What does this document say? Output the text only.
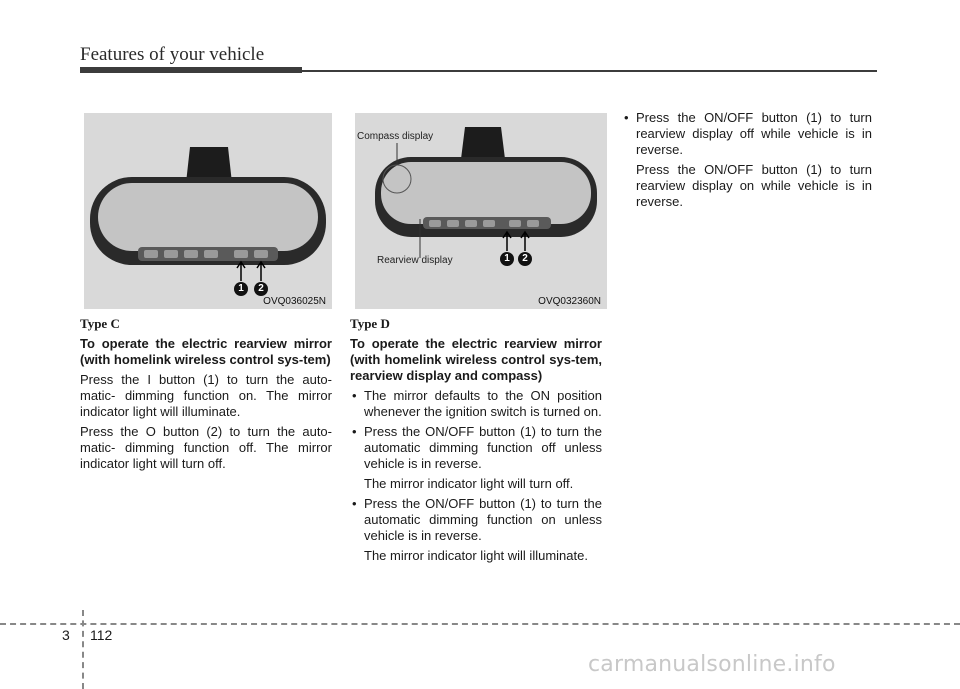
Features of your vehicle
1	2
OVQ036025N
Compass display
Rearview display	1	2
OVQ032360N
Type C
To operate the electric rearview mirror (with homelink wireless control sys-tem)

Press the I button (1) to turn the auto-matic- dimming function on. The mirror indicator light will illuminate.

Press the O button (2) to turn the auto-matic- dimming function off. The mirror indicator light will turn off.

Type D
To operate the electric rearview mirror (with homelink wireless control sys-tem, rearview display and compass)
• The mirror defaults to the ON position whenever the ignition switch is turned on.
• Press the ON/OFF button (1) to turn the automatic dimming function off unless vehicle is in reverse.
The mirror indicator light will turn off.
• Press the ON/OFF button (1) to turn the automatic dimming function on unless vehicle is in reverse.
The mirror indicator light will illuminate.
• Press the ON/OFF button (1) to turn rearview display off while vehicle is in reverse.
Press the ON/OFF button (1) to turn rearview display on while vehicle is in reverse.
3 112
carmanualsonline.info
